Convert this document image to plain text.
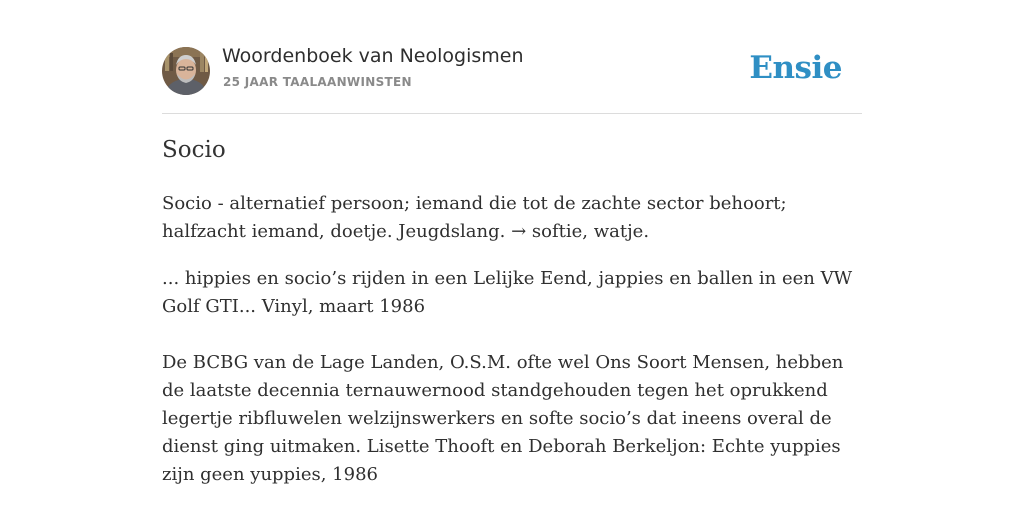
Woordenboek van Neologismen
25 JAAR TAALAANWINSTEN	Ensie
Socio

Socio - alternatief persoon; iemand die tot de zachte sector behoort; halfzacht iemand, doetje. Jeugdslang. → softie, watje.

... hippies en socio’s rijden in een Lelijke Eend, jappies en ballen in een VW Golf GTI... Vinyl, maart 1986

De BCBG van de Lage Landen, O.S.M. ofte wel Ons Soort Mensen, hebben de laatste decennia ternauwernood standgehouden tegen het oprukkend legertje ribfluwelen welzijnswerkers en softe socio’s dat ineens overal de dienst ging uitmaken. Lisette Thooft en Deborah Berkeljon: Echte yuppies zijn geen yuppies, 1986
